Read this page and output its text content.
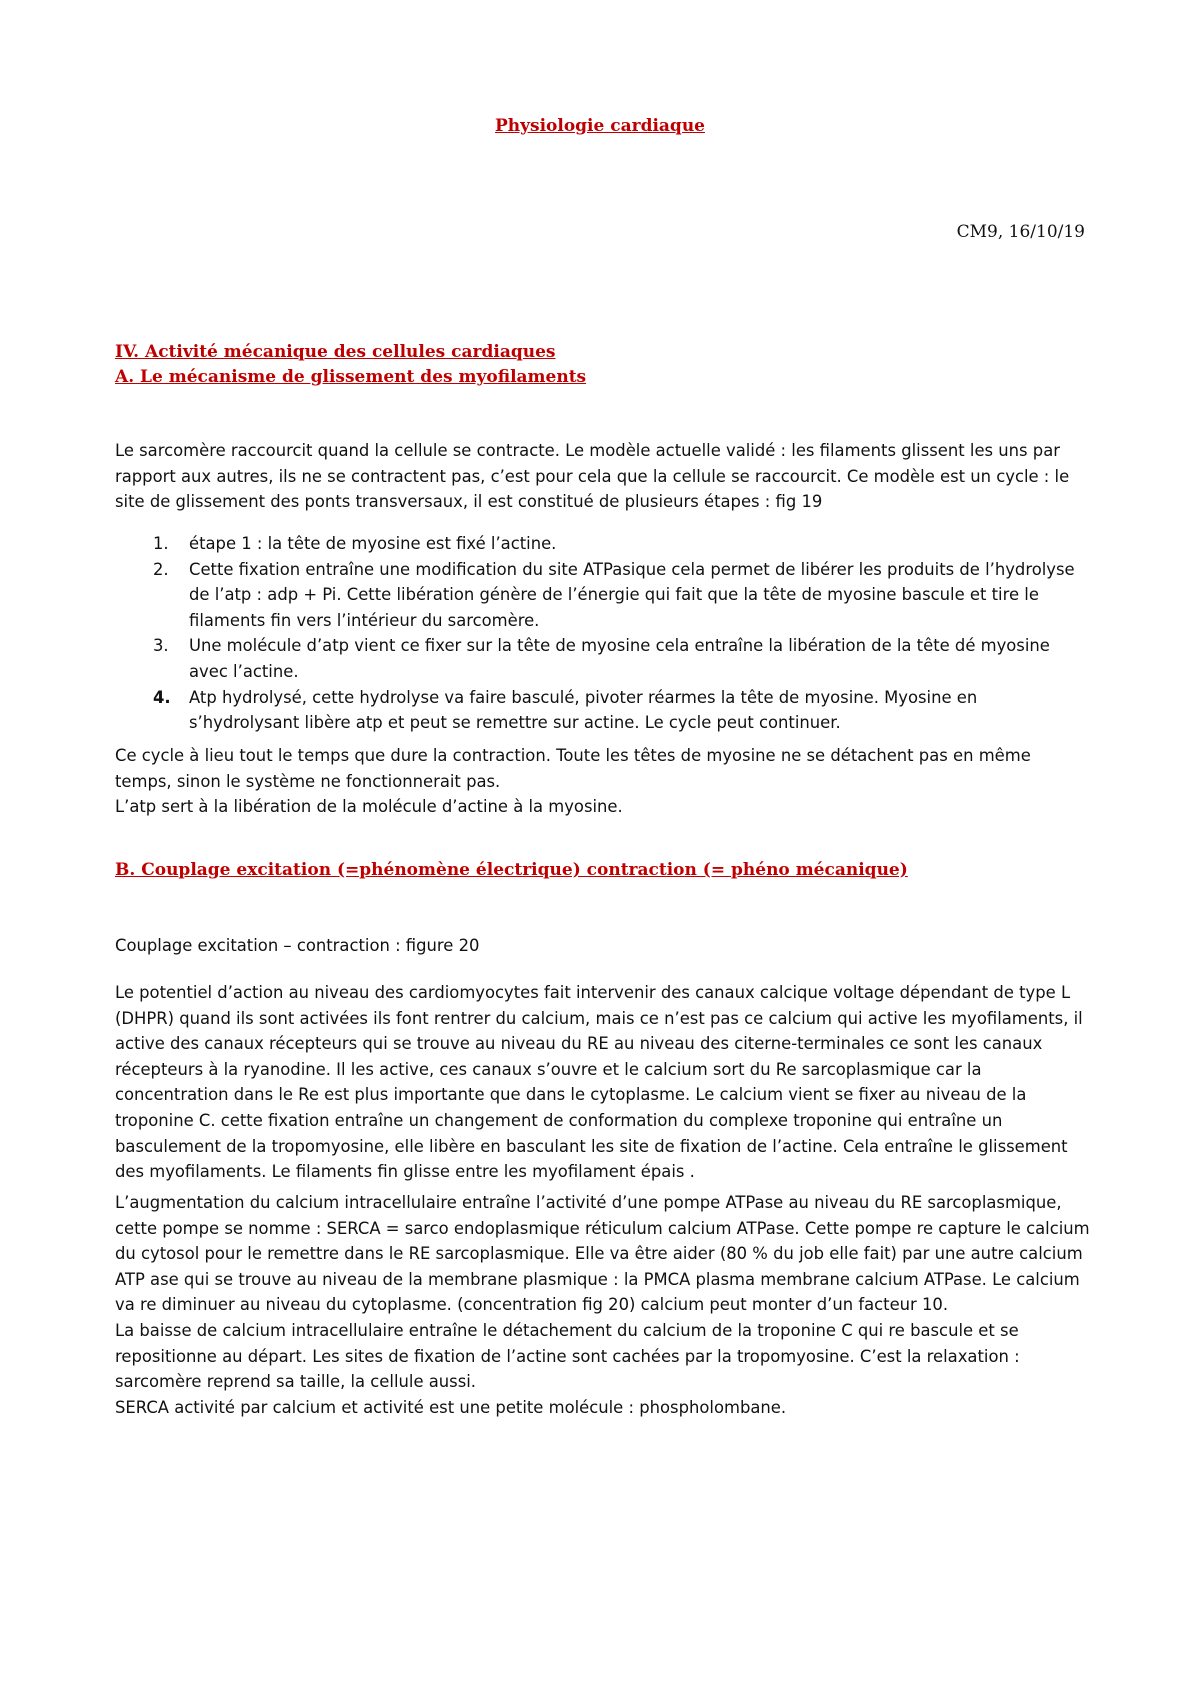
Physiologie cardiaque
CM9, 16/10/19
IV. Activité mécanique des cellules cardiaques
A. Le mécanisme de glissement des myofilaments
Le sarcomère raccourcit quand la cellule se contracte. Le modèle actuelle validé : les filaments glissent les uns par rapport aux autres, ils ne se contractent pas, c’est pour cela que la cellule se raccourcit. Ce modèle est un cycle : le site de glissement des ponts transversaux, il est constitué de plusieurs étapes : fig 19
1. étape 1 : la tête de myosine est fixé l’actine.
2. Cette fixation entraîne une modification du site ATPasique cela permet de libérer les produits de l’hydrolyse de l’atp : adp + Pi. Cette libération génère de l’énergie qui fait que la tête de myosine bascule et tire le filaments fin vers l’intérieur du sarcomère.
3. Une molécule d’atp vient ce fixer sur la tête de myosine cela entraîne la libération de la tête dé myosine avec l’actine.
4. Atp hydrolysé, cette hydrolyse va faire basculé, pivoter réarmes la tête de myosine. Myosine en s’hydrolysant libère atp et peut se remettre sur actine. Le cycle peut continuer.

Ce cycle à lieu tout le temps que dure la contraction. Toute les têtes de myosine ne se détachent pas en même temps, sinon le système ne fonctionnerait pas.

L’atp sert à la libération de la molécule d’actine à la myosine.

B. Couplage excitation (=phénomène électrique) contraction (= phéno mécanique)
Couplage excitation – contraction : figure 20
Le potentiel d’action au niveau des cardiomyocytes fait intervenir des canaux calcique voltage dépendant de type L (DHPR) quand ils sont activées ils font rentrer du calcium, mais ce n’est pas ce calcium qui active les myofilaments, il active des canaux récepteurs qui se trouve au niveau du RE au niveau des citerne-terminales ce sont les canaux récepteurs à la ryanodine. Il les active, ces canaux s’ouvre et le calcium sort du Re sarcoplasmique car la concentration dans le Re est plus importante que dans le cytoplasme. Le calcium vient se fixer au niveau de la troponine C. cette fixation entraîne un changement de conformation du complexe troponine qui entraîne un basculement de la tropomyosine, elle libère en basculant les site de fixation de l’actine. Cela entraîne le glissement des myofilaments. Le filaments fin glisse entre les myofilament épais .

L’augmentation du calcium intracellulaire entraîne l’activité d’une pompe ATPase au niveau du RE sarcoplasmique, cette pompe se nomme : SERCA = sarco endoplasmique réticulum calcium ATPase. Cette pompe re capture le calcium du cytosol pour le remettre dans le RE sarcoplasmique. Elle va être aider (80 % du job elle fait) par une autre calcium ATP ase qui se trouve au niveau de la membrane plasmique : la PMCA plasma membrane calcium ATPase. Le calcium va re diminuer au niveau du cytoplasme. (concentration fig 20) calcium peut monter d’un facteur 10.

La baisse de calcium intracellulaire entraîne le détachement du calcium de la troponine C qui re bascule et se repositionne au départ. Les sites de fixation de l’actine sont cachées par la tropomyosine. C’est la relaxation : sarcomère reprend sa taille, la cellule aussi.

SERCA activité par calcium et activité est une petite molécule : phospholombane.
